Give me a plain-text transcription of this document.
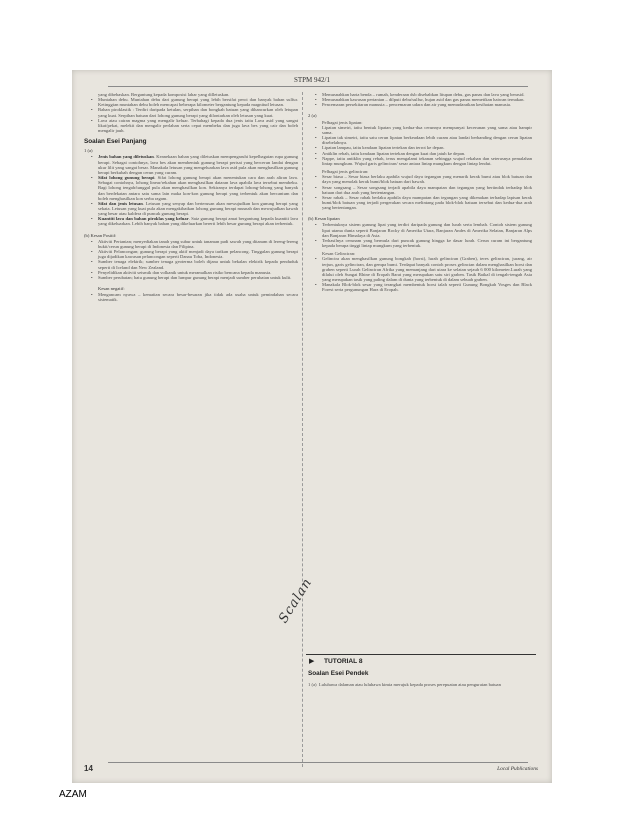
STPM 942/1

yang dibebaskan. Bergantung kepada komposisi lahar yang dilletuskan.

• Muntahan debu. Muntahan debu dari gunung berapi yang lebih bersifat peroi dan banyak bahan sulfur. Ketinggian muntahan debu boleh mencapai beberapa kilometer bergantung kepada magnitud letusan.

• Bahan piroklastik : Terdiri daripada ketulan, serpihan dan bongkah batuan yang dihancurkan oleh letupan yang kuat. Serpihan batuan dari lohong gunung berapi yang dilontarkan oleh letusan yang kuat.

• Lava atau cairan magma yang mengalir keluar. Terbahagi kepada dua jenis iaitu Lava asid yang sangat likat/pekat, melekit dan mengalir perlahan serta cepat membeku dan juga lava bes yang cair dan boleh mengalir jauh.

Soalan Esei Panjang
1 (a)

• Jenis bahan yang diletuskan. Keanekaan bahan yang diletuskan mempengaruhi kepelbagaian rupa gunung berapi. Sebagai contohnya, lava bes akan membentuk gunung berapi perisai yang bercerun landai dengan ukur lilit yang sangat besar. Manakala letusan yang mengeluarkan lava asid pula akan menghasilkan gunung berapi berkubah dengan cerun yang curam.

• Sifat lohong gunung berapi. Sifat lohong gunung berapi akan menentukan cara dan arah aliran lava. Sebagai contohnya, lohong linear/rekahan akan menghasilkan dataran lava apabila lava tersebut membeku. Bagi lohong tengah/tunggal pula akan menghasilkan kon. Sekiranya terdapat lohong-lohong yang banyak dan berdekatan antara satu sama lain maka kon-kon gunung berapi yang terbentuk akan bercantum dan boleh menghasilkan kon serba ragam.

• Sifat dan jenis letusan. Letusan yang senyap dan berterusan akan mewujudkan kon gunung berapi yang sekata. Letusan yang kuat pula akan mengakibatkan lohong gunung berapi musnah dan mewujudkan kawah yang besar atau kaldera di puncak gunung berapi.

• Kuantiti lava dan bahan piroklas yang keluar. Saiz gunung berapi amat bergantung kepada kuantiti lava yang dikeluarkan. Lebih banyak bahan yang dikeluarkan bererti lebih besar gunung berapi akan terbentuk.

(b) Kesan Positif:

• Aktiviti Pertanian; menyediakan tanah yang subur untuk tanaman padi sawah yang ditanam di lereng-lereng bukit/cerun gunung berapi di Indonesia dan Filipina.

• Aktiviti Pelancongan; gunung berapi yang aktif menjadi daya tarikan pelancong. Tinggalan gunung berapi juga dijadikan kawasan pelancongan seperti Danau Toba, Indonesia.

• Sumber tenaga elektrik; sumber tenaga geoterma boleh dijana untuk bekalan elektrik kepada penduduk seperti di Iceland dan New Zealand.

• Penyelidikan aktiviti seismik dan volkanik untuk meramalkan risiko bencana kepada manusia.

• Sumber perubatan; batu gunung berapi dan lumpur gunung berapi menjadi sumber perubatan untuk kulit.

Kesan negatif:

• Mengancam nyawa – kematian secara besar-besaran jika tidak ada usaha untuk pemindahan secara sistematik.

• Memusnahkan harta benda – rumah, kenderaan dsb disebabkan litupan debu, gas panas dan lava yang berasid.

• Memusnahkan kawasan pertanian – dilputi debu/sulfur, hujan asid dan gas panas memetikan haiwan ternakan.

• Pencemaran persekitaran manusia – pencemaran udara dan air yang memudaratkan kesihatan manusia.

2 (a)

Pelbagai jenis lipatan:

• Lipatan simetri, iaitu bentuk lipatan yang kedua-dua cerunnya mempunyai kecerunan yang sama atau hampir sama.

• Lipatan tak simetri, iaitu satu cerun lipatan berkeadaan lebih curam atau landai berbanding dengan cerun lipatan disebelahnya.

• Lipatan lampau, iaitu keadaan lipatan tertekan dan terrot ke depan.

• Antiklin rebah, iaitu keadaan lipatan tertekan dengan kuat dan jatuh ke depan.

• Nappe, iaitu antiklin yang rebah, terus mengalami tekanan sehingga wujud rekahan dan seterusnya pemalahan lintap mungkum. Wujud garis gelinciran/ sesar antara lintap mungkum dengan lintap lendut.

Pelbagai jenis gelinciran:

• Sesar biasa – Sesar biasa berlaku apabila wujud daya tegangan yang menarik kerak bumi atau blok batuan dan daya yang menolak kerak bumi/blok batuan dari bawah.

• Sesar songsang – Sesar songsang terjadi apabila daya mampatan dan tegangan yang bertindak terhadap blok batuan dari dua arah yang bertentangan.

• Sesar rabak – Sesar rabak berlaku apabila daya mampatan dan tegangan yang dikenakan terhadap lapisan kerak bumi/blok batuan yang terjadi pergerakan secara melintang pada blok-blok batuan tersebut dan kedua-dua arah yang bertentangan.

(b) Kesan lipatan

• Terbentuknya sistem gunung lipat yang terdiri daripada gunung dan lurah serta lembah. Contoh sistem gunung lipat utama dunia seperti Banjaran Rocky di Amerika Utara, Banjaran Andes di Amerika Selatan, Banjaran Alps dan Banjaran Himalaya di Asia.

• Terhasilnya cerunam yang bermula dari puncak gunung hingga ke dasar lurah. Cerun curam ini bergantung kepada berapa tinggi lintap mungkum yang terbentuk.

Kesan Gelinciran:

• Gelincira akan menghasilkan gunung bongkah (horst), lurah gelinciran (Graben), teres gelinciran, jurang, air terjun, garis gelinciran, dan gempa bumi. Terdapat banyak contoh proses gelincian dalam menghasilkan horst dan graben seperti Lurah Gelinciran Afrika yang memanjang dari utara ke selatan sejauh 6 000 kilometer.Lurah yang dilalui oleh Sungai Rhine di Eropah Barat yang merupakan satu siri graben. Tasik Baikal di tengah-tengah Asia yang merupakan tasik yang paling dalam di dunia yang terbentuk di dalam sebuah graben.

• Manakala Blok-blok sesar yang terangkat membentuk horst ialah seperti Gunung Bongkah Vosges dan Black Forest serta pergunungan Harz di Eropah.

Scalan
▶ TUTORIAL 8
Soalan Esei Pendek
1 (a) Luluhawa dalaman atau luluhawa kimia merujuk kepada proses perepuatan atau penguraian batuan
14	Local Publications
AZAM
